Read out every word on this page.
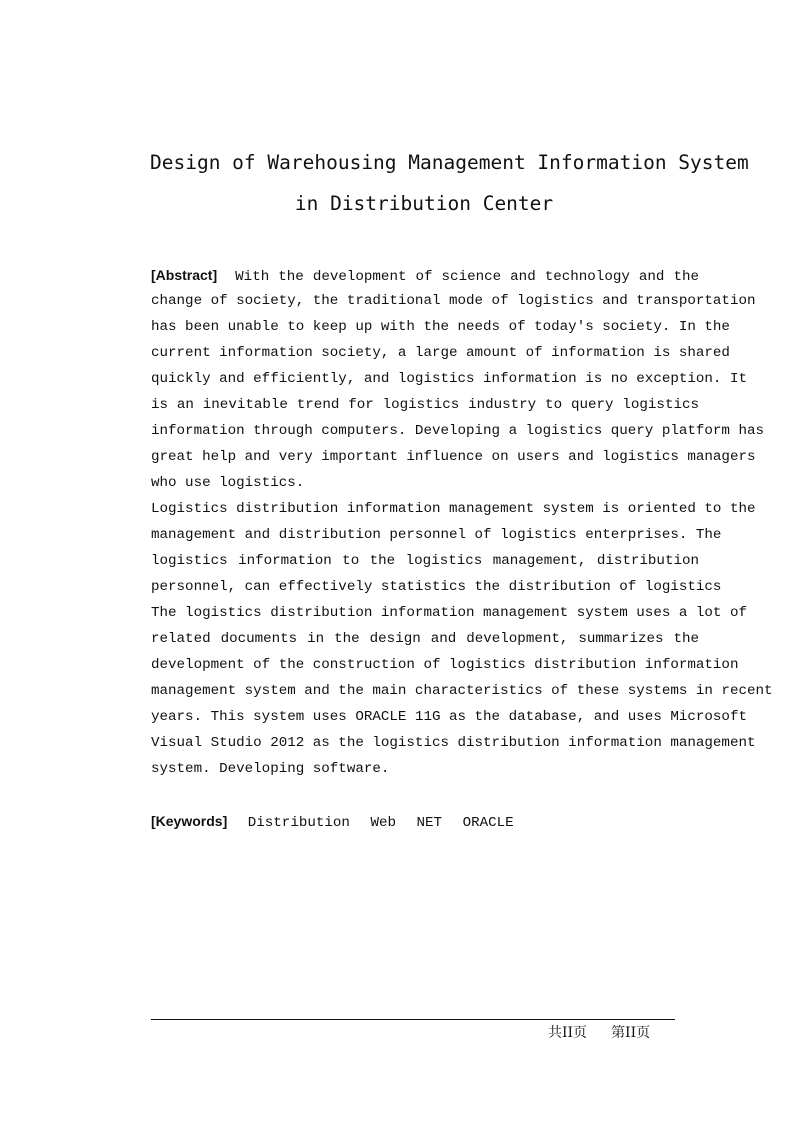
Design of Warehousing Management Information System
in Distribution Center
[Abstract] With the development of science and technology and the
change of society, the traditional mode of logistics and transportation
has been unable to keep up with the needs of today's society. In the
current information society, a large amount of information is shared
quickly and efficiently, and logistics information is no exception. It
is an inevitable trend for logistics industry to query logistics
information through computers. Developing a logistics query platform has
great help and very important influence on users and logistics managers
who use logistics.
Logistics distribution information management system is oriented to the
management and distribution personnel of logistics enterprises. The
logistics information to the logistics management, distribution
personnel, can effectively statistics the distribution of logistics
The logistics distribution information management system uses a lot of
related documents in the design and development, summarizes the
development of the construction of logistics distribution information
management system and the main characteristics of these systems in recent
years. This system uses ORACLE 11G as the database, and uses Microsoft
Visual Studio 2012 as the logistics distribution information management
system. Developing software.
[Keywords] Distribution Web NET ORACLE
共II页 第II页
